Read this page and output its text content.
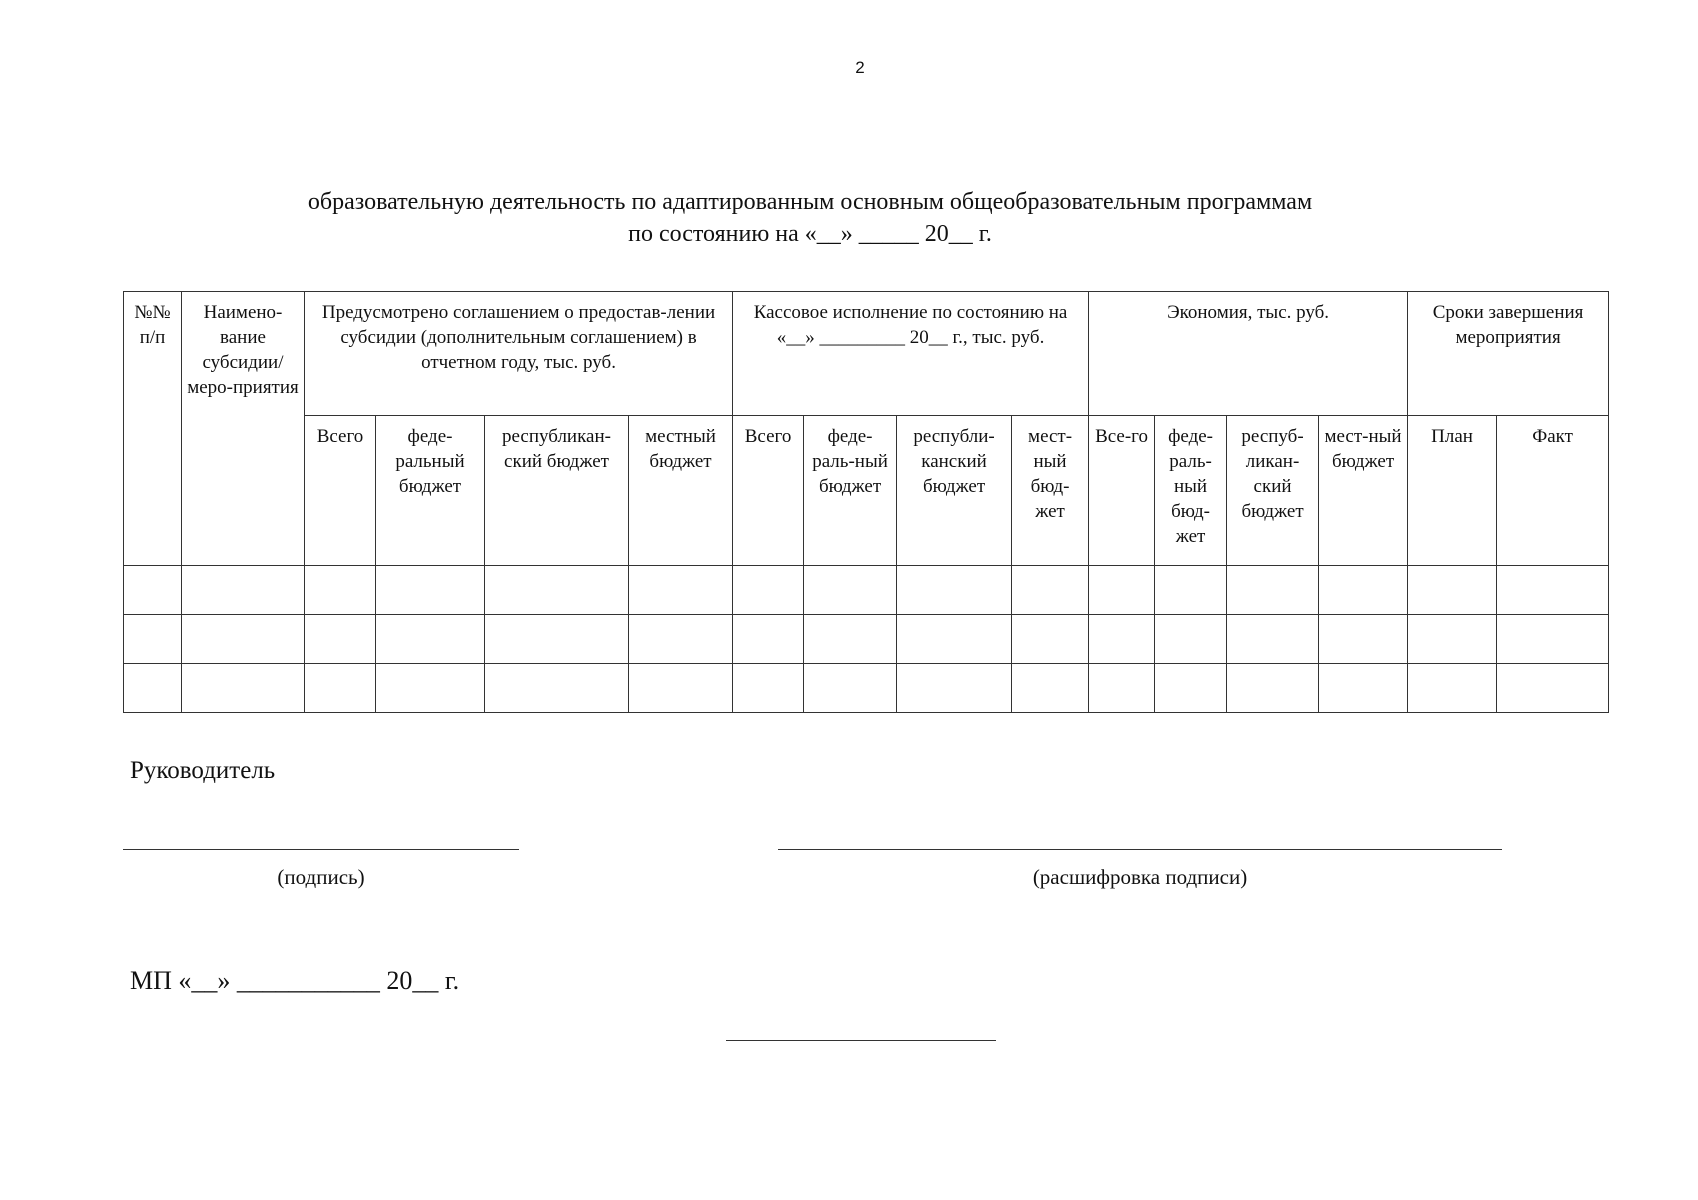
2
образовательную деятельность по адаптированным основным общеобразовательным программам
по состоянию на «__» _____ 20__ г.
№№ п/п	Наимено-вание субсидии/ меро-приятия	Предусмотрено соглашением о предостав-лении субсидии (дополнительным соглашением) в отчетном году, тыс. руб.				Кассовое исполнение по состоянию на «__» _________ 20__ г., тыс. руб.				Экономия, тыс. руб.				Сроки завершения мероприятия	
		Всего	феде-ральный бюджет	республикан-ский бюджет	местный бюджет	Всего	феде-раль-ный бюджет	республи-канский бюджет	мест-ный бюд-жет	Все-го	феде-раль-ный бюд-жет	респуб-ликан-ский бюджет	мест-ный бюджет	План	Факт

Руководитель
(подпись)	(расшифровка подписи)
МП «__» ___________ 20__ г.
